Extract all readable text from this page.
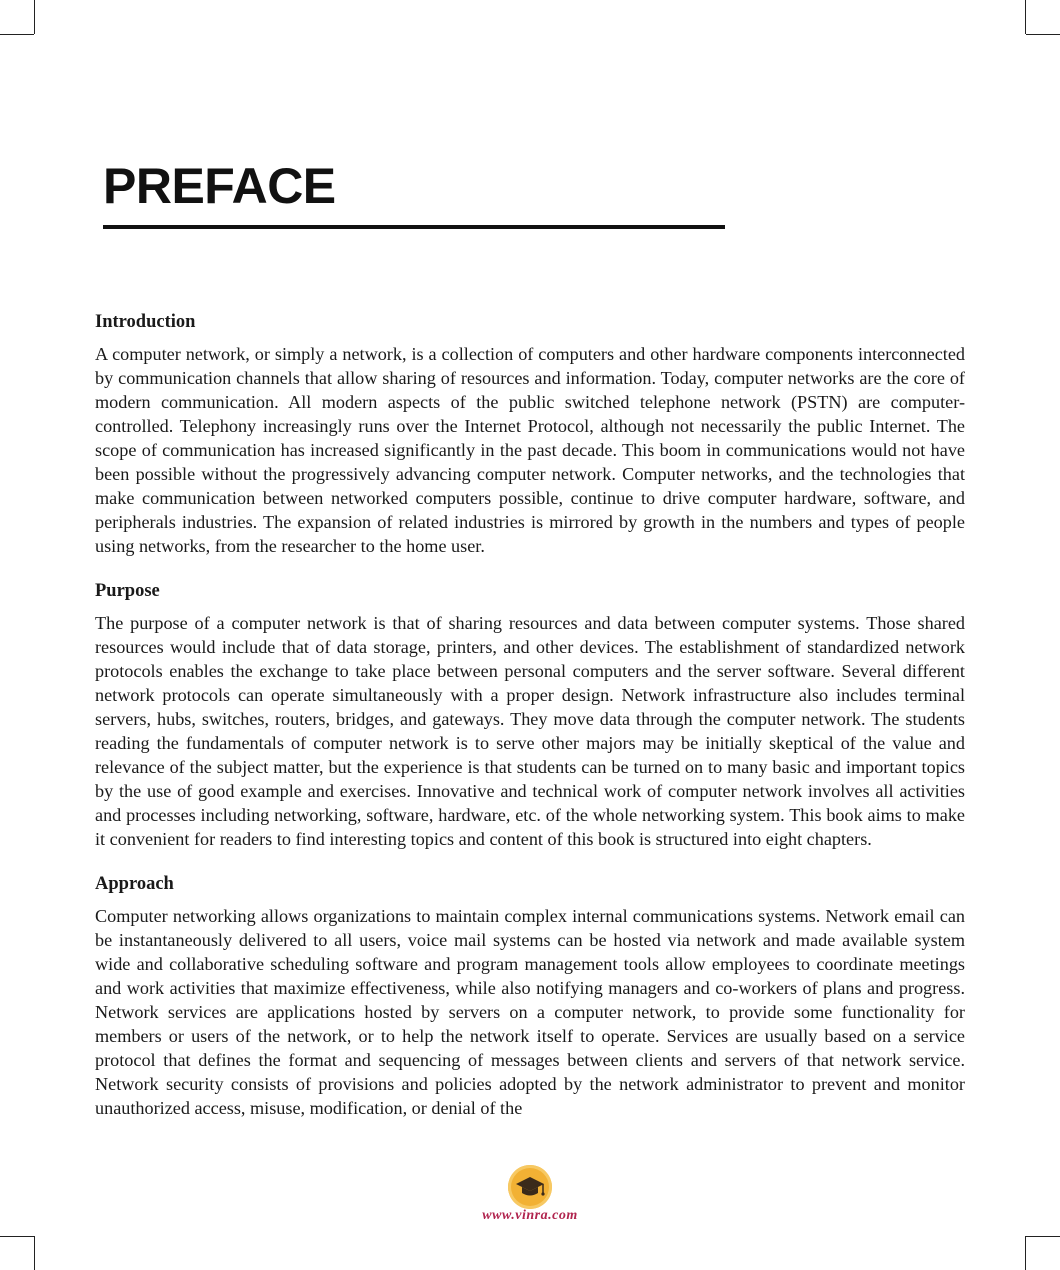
PREFACE
Introduction

A computer network, or simply a network, is a collection of computers and other hardware components interconnected by communication channels that allow sharing of resources and information. Today, computer networks are the core of modern communication. All modern aspects of the public switched telephone network (PSTN) are computer-controlled. Telephony increasingly runs over the Internet Protocol, although not necessarily the public Internet. The scope of communication has increased significantly in the past decade. This boom in communications would not have been possible without the progressively advancing computer network. Computer networks, and the technologies that make communication between networked computers possible, continue to drive computer hardware, software, and peripherals industries. The expansion of related industries is mirrored by growth in the numbers and types of people using networks, from the researcher to the home user.

Purpose

The purpose of a computer network is that of sharing resources and data between computer systems. Those shared resources would include that of data storage, printers, and other devices. The establishment of standardized network protocols enables the exchange to take place between personal computers and the server software. Several different network protocols can operate simultaneously with a proper design. Network infrastructure also includes terminal servers, hubs, switches, routers, bridges, and gateways. They move data through the computer network. The students reading the fundamentals of computer network is to serve other majors may be initially skeptical of the value and relevance of the subject matter, but the experience is that students can be turned on to many basic and important topics by the use of good example and exercises. Innovative and technical work of computer network involves all activities and processes including networking, software, hardware, etc. of the whole networking system. This book aims to make it convenient for readers to find interesting topics and content of this book is structured into eight chapters.

Approach

Computer networking allows organizations to maintain complex internal communications systems. Network email can be instantaneously delivered to all users, voice mail systems can be hosted via network and made available system wide and collaborative scheduling software and program management tools allow employees to coordinate meetings and work activities that maximize effectiveness, while also notifying managers and co-workers of plans and progress. Network services are applications hosted by servers on a computer network, to provide some functionality for members or users of the network, or to help the network itself to operate. Services are usually based on a service protocol that defines the format and sequencing of messages between clients and servers of that network service. Network security consists of provisions and policies adopted by the network administrator to prevent and monitor unauthorized access, misuse, modification, or denial of the

www.vinra.com
